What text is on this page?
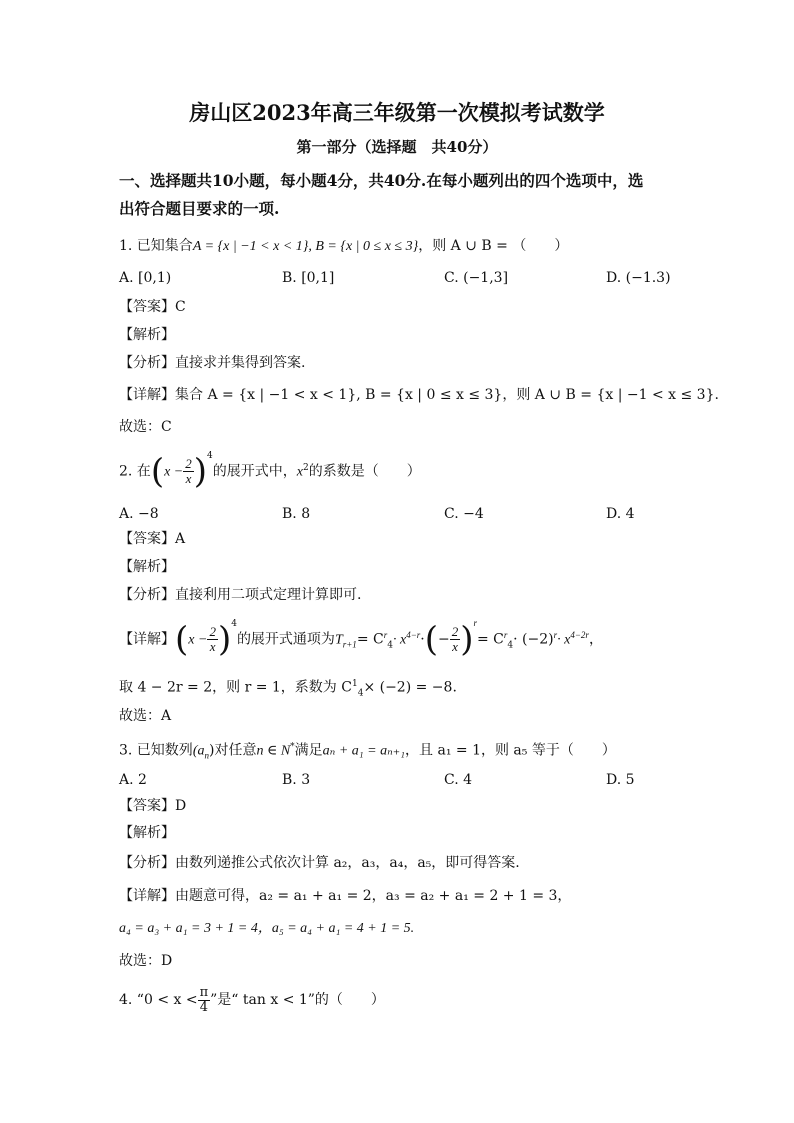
房山区2023年高三年级第一次模拟考试数学
第一部分（选择题　共40分）
一、选择题共10小题，每小题4分，共40分.在每小题列出的四个选项中，选
出符合题目要求的一项.
1. 已知集合A = {x | −1 < x < 1}, B = {x | 0 ≤ x ≤ 3}，则 A ∪ B = （　　）
A. [0,1)	B. [0,1]	C. (−1,3]	D. (−1.3)
【答案】C
【解析】
【分析】直接求并集得到答案.
【详解】集合 A = {x | −1 < x < 1}, B = {x | 0 ≤ x ≤ 3}，则 A ∪ B = {x | −1 < x ≤ 3}.
故选：C
2. 在$(x - \frac{2}{x} )^4$的展开式中，$x^2$的系数是（　　）
A. −8	B. 8	C. −4	D. 4
【答案】A
【解析】
【分析】直接利用二项式定理计算即可.
【详解】$(x - \frac{2}{x} )^4$的展开式通项为$T_{r+1}= C^r_4\cdot x^{4-r}\cdot(- \frac{2}{x} )^r= C^r_4\cdot (-2)^r\cdot x^{4-2r}$，
取 4 − 2r = 2，则 r = 1，系数为 $C^1_4\times (-2) = -8$.
故选：A
3. 已知数列$(a_n)$对任意n ∈ N*满足aₙ + a₁ = aₙ₊₁，且 a₁ = 1，则 a₅ 等于（　　）
A. 2	B. 3	C. 4	D. 5
【答案】D
【解析】
【分析】由数列递推公式依次计算 a₂，a₃，a₄，a₅，即可得答案.
【详解】由题意可得，a₂ = a₁ + a₁ = 2，a₃ = a₂ + a₁ = 2 + 1 = 3，
a₄ = a₃ + a₁ = 3 + 1 = 4，a₅ = a₄ + a₁ = 4 + 1 = 5.
故选：D
4. “$0 < x < \frac{\pi}{4}$ ”是“ tan x < 1”的（　　）
